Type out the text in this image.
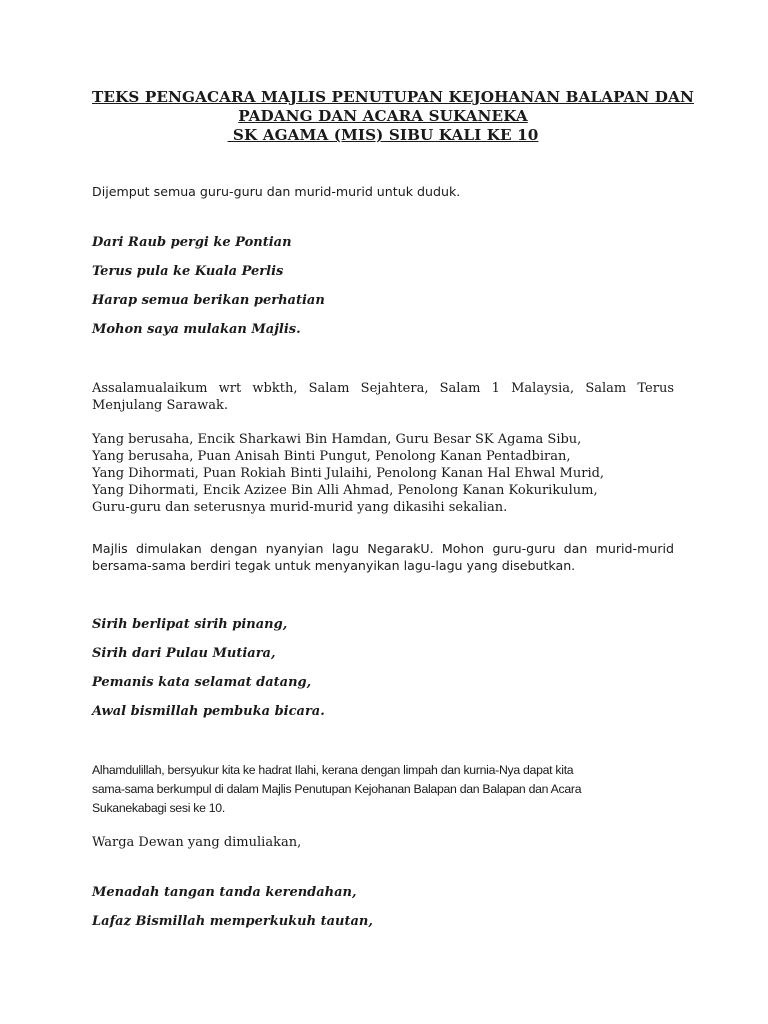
TEKS PENGACARA MAJLIS PENUTUPAN KEJOHANAN BALAPAN DAN
PADANG DAN ACARA SUKANEKA
SK AGAMA (MIS) SIBU KALI KE 10

Dijemput semua guru-guru dan murid-murid untuk duduk.

Dari Raub pergi ke Pontian

Terus pula ke Kuala Perlis

Harap semua berikan perhatian

Mohon saya mulakan Majlis.

Assalamualaikum wrt wbkth, Salam Sejahtera, Salam 1 Malaysia, Salam Terus Menjulang Sarawak.

Yang berusaha, Encik Sharkawi Bin Hamdan, Guru Besar SK Agama Sibu,

Yang berusaha, Puan Anisah Binti Pungut, Penolong Kanan Pentadbiran,

Yang Dihormati, Puan Rokiah Binti Julaihi, Penolong Kanan Hal Ehwal Murid,

Yang Dihormati, Encik Azizee Bin Alli Ahmad, Penolong Kanan Kokurikulum,

Guru-guru dan seterusnya murid-murid yang dikasihi sekalian.

Majlis dimulakan dengan nyanyian lagu NegarakU. Mohon guru-guru dan murid-murid bersama-sama berdiri tegak untuk menyanyikan lagu-lagu yang disebutkan.

Sirih berlipat sirih pinang,

Sirih dari Pulau Mutiara,

Pemanis kata selamat datang,

Awal bismillah pembuka bicara.

Alhamdulillah, bersyukur kita ke hadrat Ilahi, kerana dengan limpah dan kurnia-Nya dapat kita

sama-sama berkumpul di dalam Majlis Penutupan Kejohanan Balapan dan Balapan dan Acara

Sukanekabagi sesi ke 10.

Warga Dewan yang dimuliakan,

Menadah tangan tanda kerendahan,

Lafaz Bismillah memperkukuh tautan,
